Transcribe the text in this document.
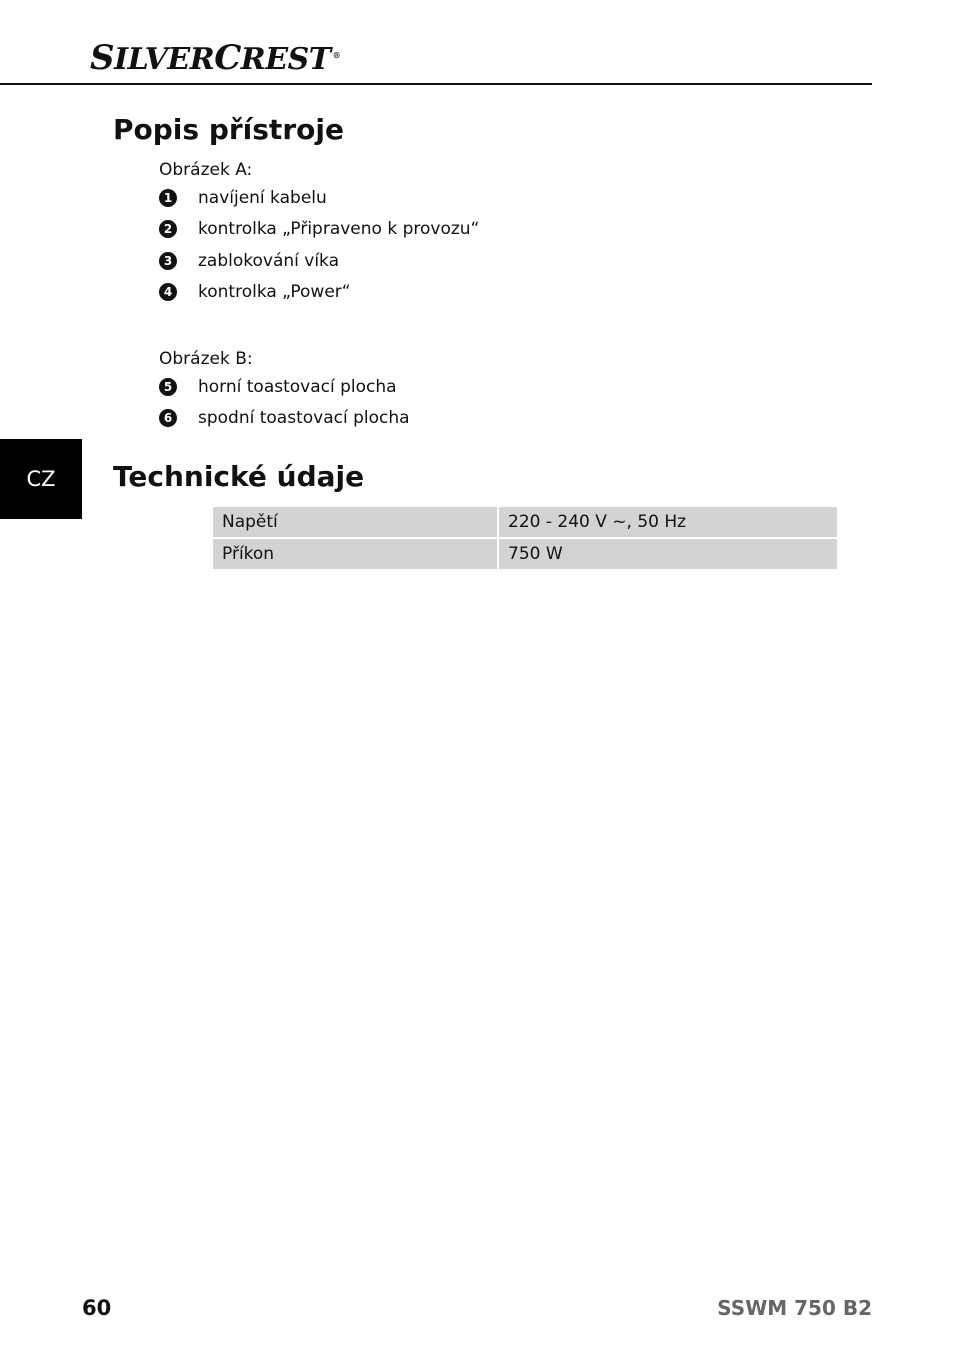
SILVERCREST ®
Popis přístroje
Obrázek A:
1 navíjení kabelu
2 kontrolka „Připraveno k provozu“
3 zablokování víka
4 kontrolka „Power“
Obrázek B:
5 horní toastovací plocha
6 spodní toastovací plocha
CZ Technické údaje
Napětí	220 - 240 V ~, 50 Hz
Příkon	750 W
60	SSWM 750 B2
